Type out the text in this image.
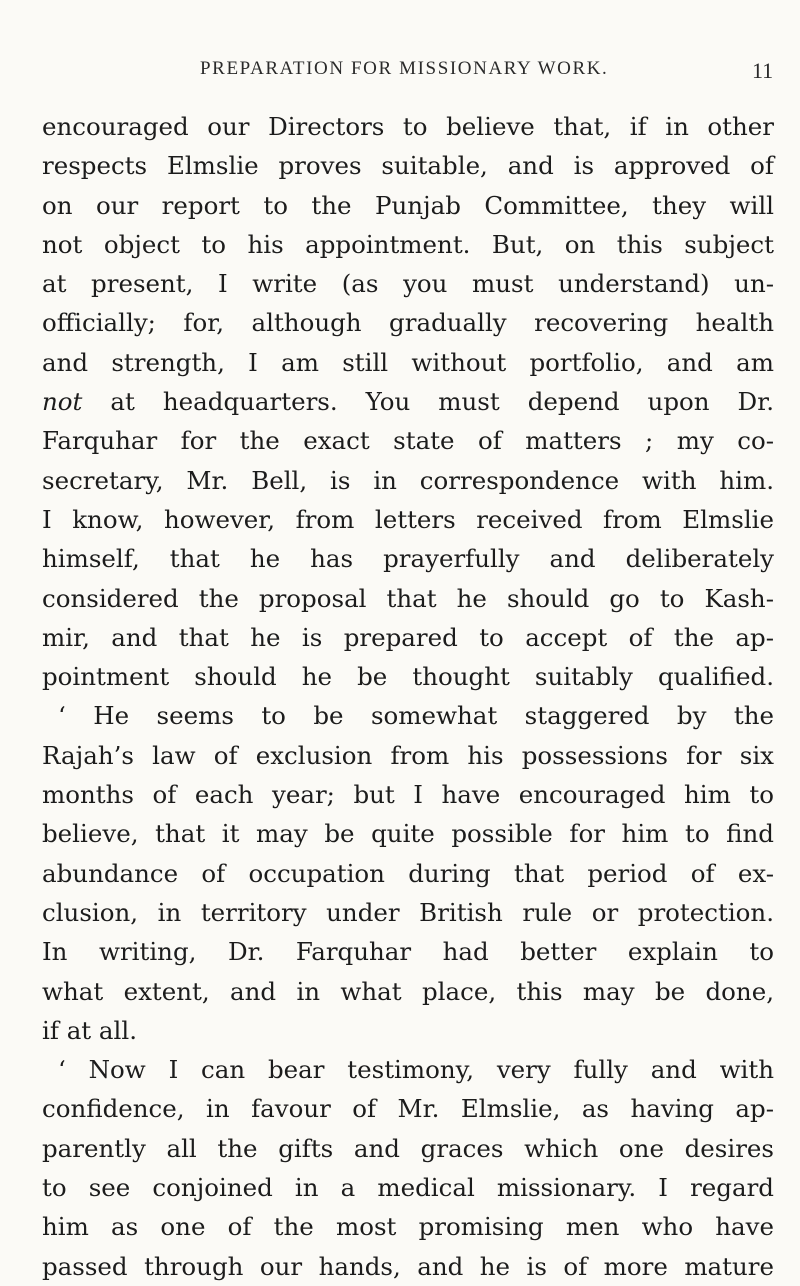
PREPARATION FOR MISSIONARY WORK.	11
encouraged our Directors to believe that, if in other
respects Elmslie proves suitable, and is approved of
on our report to the Punjab Committee, they will
not object to his appointment. But, on this subject
at present, I write (as you must understand) un-
officially; for, although gradually recovering health
and strength, I am still without portfolio, and am
not at headquarters. You must depend upon Dr.
Farquhar for the exact state of matters ; my co-
secretary, Mr. Bell, is in correspondence with him.
I know, however, from letters received from Elmslie
himself, that he has prayerfully and deliberately
considered the proposal that he should go to Kash-
mir, and that he is prepared to accept of the ap-
pointment should he be thought suitably qualified.
‘ He seems to be somewhat staggered by the
Rajah’s law of exclusion from his possessions for six
months of each year; but I have encouraged him to
believe, that it may be quite possible for him to find
abundance of occupation during that period of ex-
clusion, in territory under British rule or protection.
In writing, Dr. Farquhar had better explain to
what extent, and in what place, this may be done,
if at all.
‘ Now I can bear testimony, very fully and with
confidence, in favour of Mr. Elmslie, as having ap-
parently all the gifts and graces which one desires
to see conjoined in a medical missionary. I regard
him as one of the most promising men who have
passed through our hands, and he is of more mature
